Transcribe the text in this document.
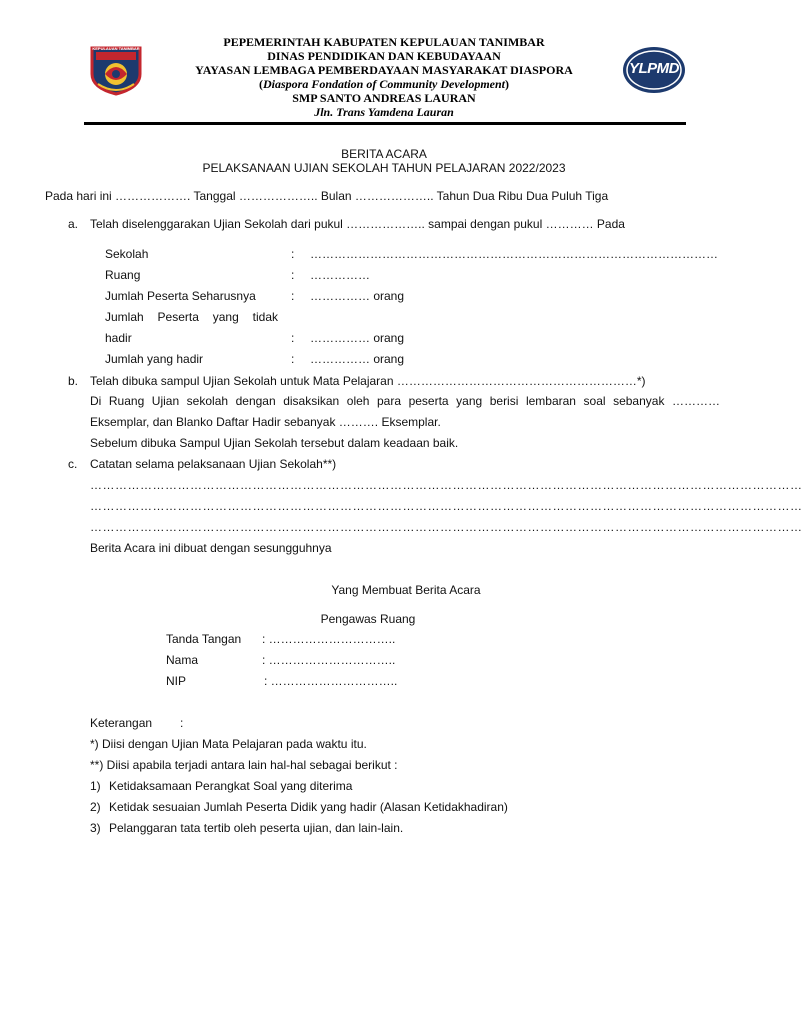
KEPULAUAN TANIMBAR
YLPMD
PEPEMERINTAH KABUPATEN KEPULAUAN TANIMBAR
DINAS PENDIDIKAN DAN KEBUDAYAAN
YAYASAN LEMBAGA PEMBERDAYAAN MASYARAKAT DIASPORA
(Diaspora Fondation of Community Development)
SMP SANTO ANDREAS LAURAN
Jln. Trans Yamdena Lauran
BERITA ACARA
PELAKSANAAN UJIAN SEKOLAH TAHUN PELAJARAN 2022/2023
Pada hari ini ………………. Tanggal ……………….. Bulan ……………….. Tahun Dua Ribu Dua Puluh Tiga
a. Telah diselenggarakan Ujian Sekolah dari pukul ……………….. sampai dengan pukul ………… Pada
Sekolah	: …………………………………………………………………………………………
Ruang	: ……………
Jumlah Peserta Seharusnya	: …………… orang
Jumlah Peserta yang tidak
hadir	: …………… orang
Jumlah yang hadir	: …………… orang
b. Telah dibuka sampul Ujian Sekolah untuk Mata Pelajaran ……………………………………………………*)
Di Ruang Ujian sekolah dengan disaksikan oleh para peserta yang berisi lembaran soal sebanyak …………
Eksemplar, dan Blanko Daftar Hadir sebanyak ………. Eksemplar.
Sebelum dibuka Sampul Ujian Sekolah tersebut dalam keadaan baik.
c. Catatan selama pelaksanaan Ujian Sekolah**)
………………………………………………………………………………………………………………………………………………………
………………………………………………………………………………………………………………………………………………………
………………………………………………………………………………………………………………………………………………………
Berita Acara ini dibuat dengan sesungguhnya
Yang Membuat Berita Acara
Pengawas Ruang
Tanda Tangan : …………………………..
Nama	: …………………………..
NIP	: …………………………..
Keterangan :
*) Diisi dengan Ujian Mata Pelajaran pada waktu itu.
**) Diisi apabila terjadi antara lain hal-hal sebagai berikut :
1) Ketidaksamaan Perangkat Soal yang diterima
2) Ketidak sesuaian Jumlah Peserta Didik yang hadir (Alasan Ketidakhadiran)
3) Pelanggaran tata tertib oleh peserta ujian, dan lain-lain.
